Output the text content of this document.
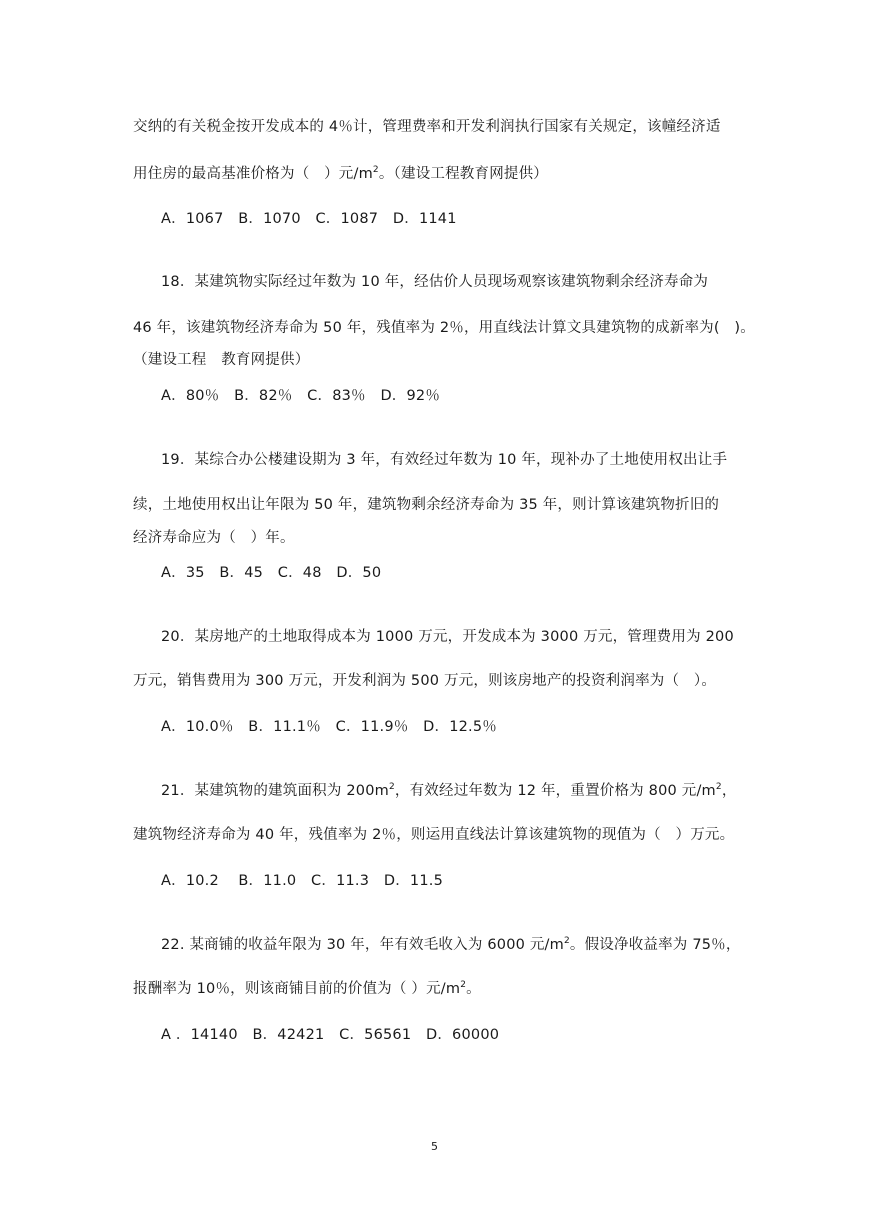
交纳的有关税金按开发成本的 4％计，管理费率和开发利润执行国家有关规定，该幢经济适
用住房的最高基准价格为（　）元$/m^2$。（建设工程教育网提供）
A．1067　B．1070　C．1087　D．1141
18．某建筑物实际经过年数为 10 年，经估价人员现场观察该建筑物剩余经济寿命为
46 年，该建筑物经济寿命为 50 年，残值率为 2％，用直线法计算文具建筑物的成新率为(　)。
（建设工程　教育网提供）
A．80％　B．82％　C．83％　D．92％
19．某综合办公楼建设期为 3 年，有效经过年数为 10 年，现补办了土地使用权出让手
续，土地使用权出让年限为 50 年，建筑物剩余经济寿命为 35 年，则计算该建筑物折旧的
经济寿命应为（　）年。
A．35　B．45　C．48　D．50
20．某房地产的土地取得成本为 1000 万元，开发成本为 3000 万元，管理费用为 200
万元，销售费用为 300 万元，开发利润为 500 万元，则该房地产的投资利润率为（　）。
A．10.0％　B．11.1％　C．11.9％　D．12.5％
21．某建筑物的建筑面积为 $200m^2$，有效经过年数为 12 年，重置价格为 800 元$/m^2$，
建筑物经济寿命为 40 年，残值率为 2％，则运用直线法计算该建筑物的现值为（　）万元。
A．10.2　 B．11.0　C．11.3　D．11.5
22. 某商铺的收益年限为 30 年，年有效毛收入为 6000 元$/m^2$。假设净收益率为 75％，
报酬率为 10％，则该商铺目前的价值为（ ）元$/m^2$。
A ．14140　B．42421　C．56561　D．60000
5
